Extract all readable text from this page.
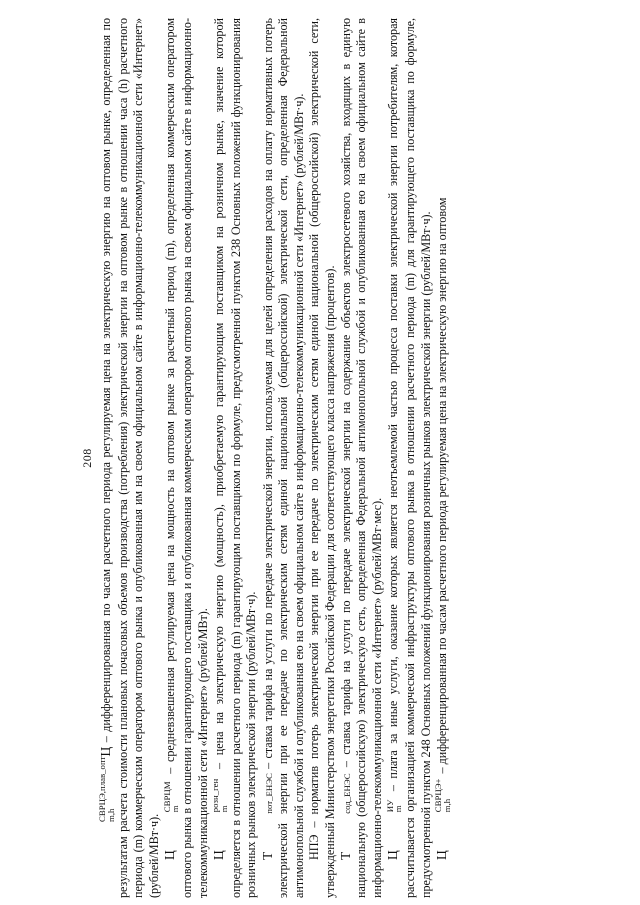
208

СВРЦЭ,плав_опт
m,h
Ц – дифференцированная по часам расчетного периода регулируемая цена на электрическую энергию на оптовом рынке, определенная по результатам расчета стоимости плановых почасовых объемов производства (потребления) электрической энергии на оптовом рынке в отношении часа (h) расчетного периода (m) коммерческим оператором оптового рынка и опубликованная им на своем официальном сайте в информационно-телекоммуникационной сети «Интернет» (рублей/МВт·ч). Ц
СВРЦМ
m
– средневзвешенная регулируемая цена на мощность на оптовом рынке за расчетный период (m), определенная коммерческим оператором оптового рынка в отношении гарантирующего поставщика и опубликованная коммерческим оператором оптового рынка на своем официальном сайте в информационно-телекоммуникационной сети «Интернет» (рублей/МВт). Ц
розн_ген
m
– цена на электрическую энергию (мощность), приобретаемую гарантирующим поставщиком на розничном рынке, значение которой определяется в отношении расчетного периода (m) гарантирующим поставщиком по формуле, предусмотренной пунктом 238 Основных положений функционирования розничных рынков электрической энергии (рублей/МВт·ч). Тпот_ЕНЭС – ставка тарифа на услуги по передаче электрической энергии, используемая для целей определения расходов на оплату нормативных потерь электрической энергии при ее передаче по электрическим сетям единой национальной (общероссийской) электрической сети, определенная Федеральной антимонопольной службой и опубликованная ею на своем официальном сайте в информационно-телекоммуникационной сети «Интернет» (рублей/МВт·ч). НПЭ – норматив потерь электрической энергии при ее передаче по электрическим сетям единой национальной (общероссийской) электрической сети, утвержденный Министерством энергетики Российской Федерации для соответствующего класса напряжения (процентов). Тсод_ЕНЭС – ставка тарифа на услуги по передаче электрической энергии на содержание объектов электросетевого хозяйства, входящих в единую национальную (общероссийскую) электрическую сеть, определенная Федеральной антимонопольной службой и опубликованная ею на своем официальном сайте в информационно-телекоммуникационной сети «Интернет» (рублей/МВт·мес). Ц
ИУ
m
– плата за иные услуги, оказание которых является неотъемлемой частью процесса поставки электрической энергии потребителям, которая рассчитывается организацией коммерческой инфраструктуры оптового рынка в отношении расчетного периода (m) для гарантирующего поставщика по формуле, предусмотренной пунктом 248 Основных положений функционирования розничных рынков электрической энергии (рублей/МВт·ч). Ц
СВРЦЭ+
m,h
– дифференцированная по часам расчетного периода регулируемая цена на электрическую энергию на оптовом
